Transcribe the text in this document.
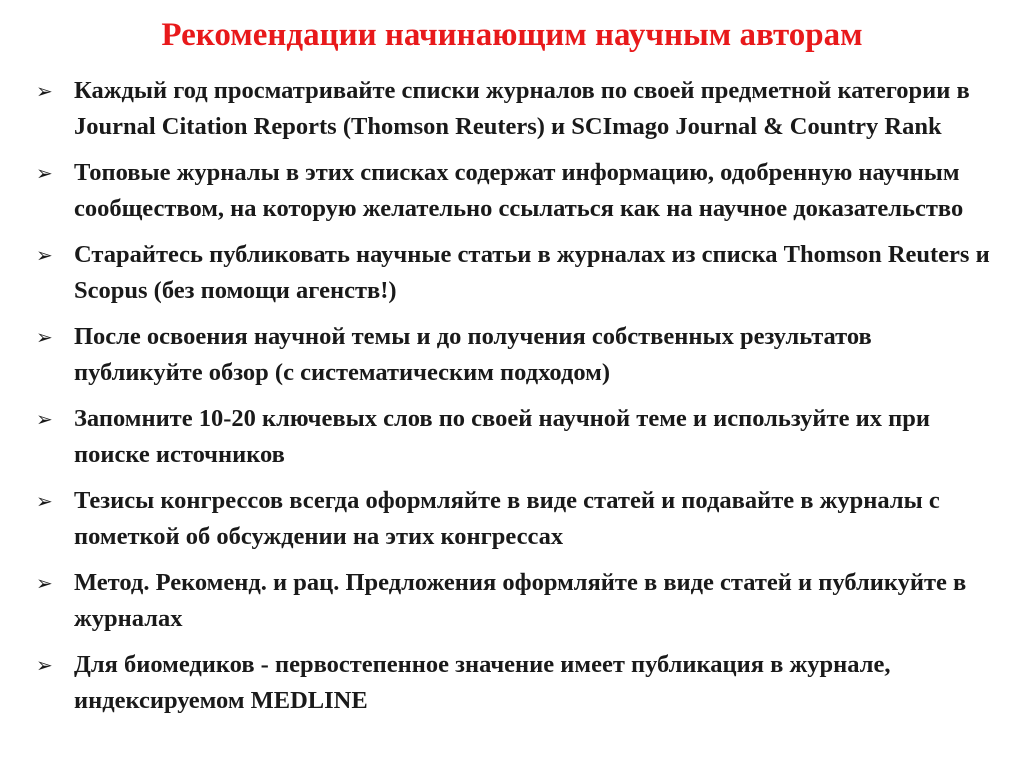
Рекомендации начинающим научным авторам
➢ Каждый год просматривайте списки журналов по своей предметной категории в Journal Citation Reports (Thomson Reuters) и SCImago Journal & Country Rank
➢ Топовые журналы в этих списках содержат информацию, одобренную научным сообществом, на которую желательно ссылаться как на научное доказательство
➢ Старайтесь публиковать научные статьи в журналах из списка Thomson Reuters и Scopus (без помощи агенств!)
➢ После освоения научной темы и до получения собственных результатов публикуйте обзор (с систематическим подходом)
➢ Запомните 10-20 ключевых слов по своей научной теме и используйте их при поиске источников
➢ Тезисы конгрессов всегда оформляйте в виде статей и подавайте в журналы с пометкой об обсуждении на этих конгрессах
➢ Метод. Рекоменд. и рац. Предложения оформляйте в виде статей и публикуйте в журналах
➢ Для биомедиков - первостепенное значение имеет публикация в журнале, индексируемом MEDLINE
